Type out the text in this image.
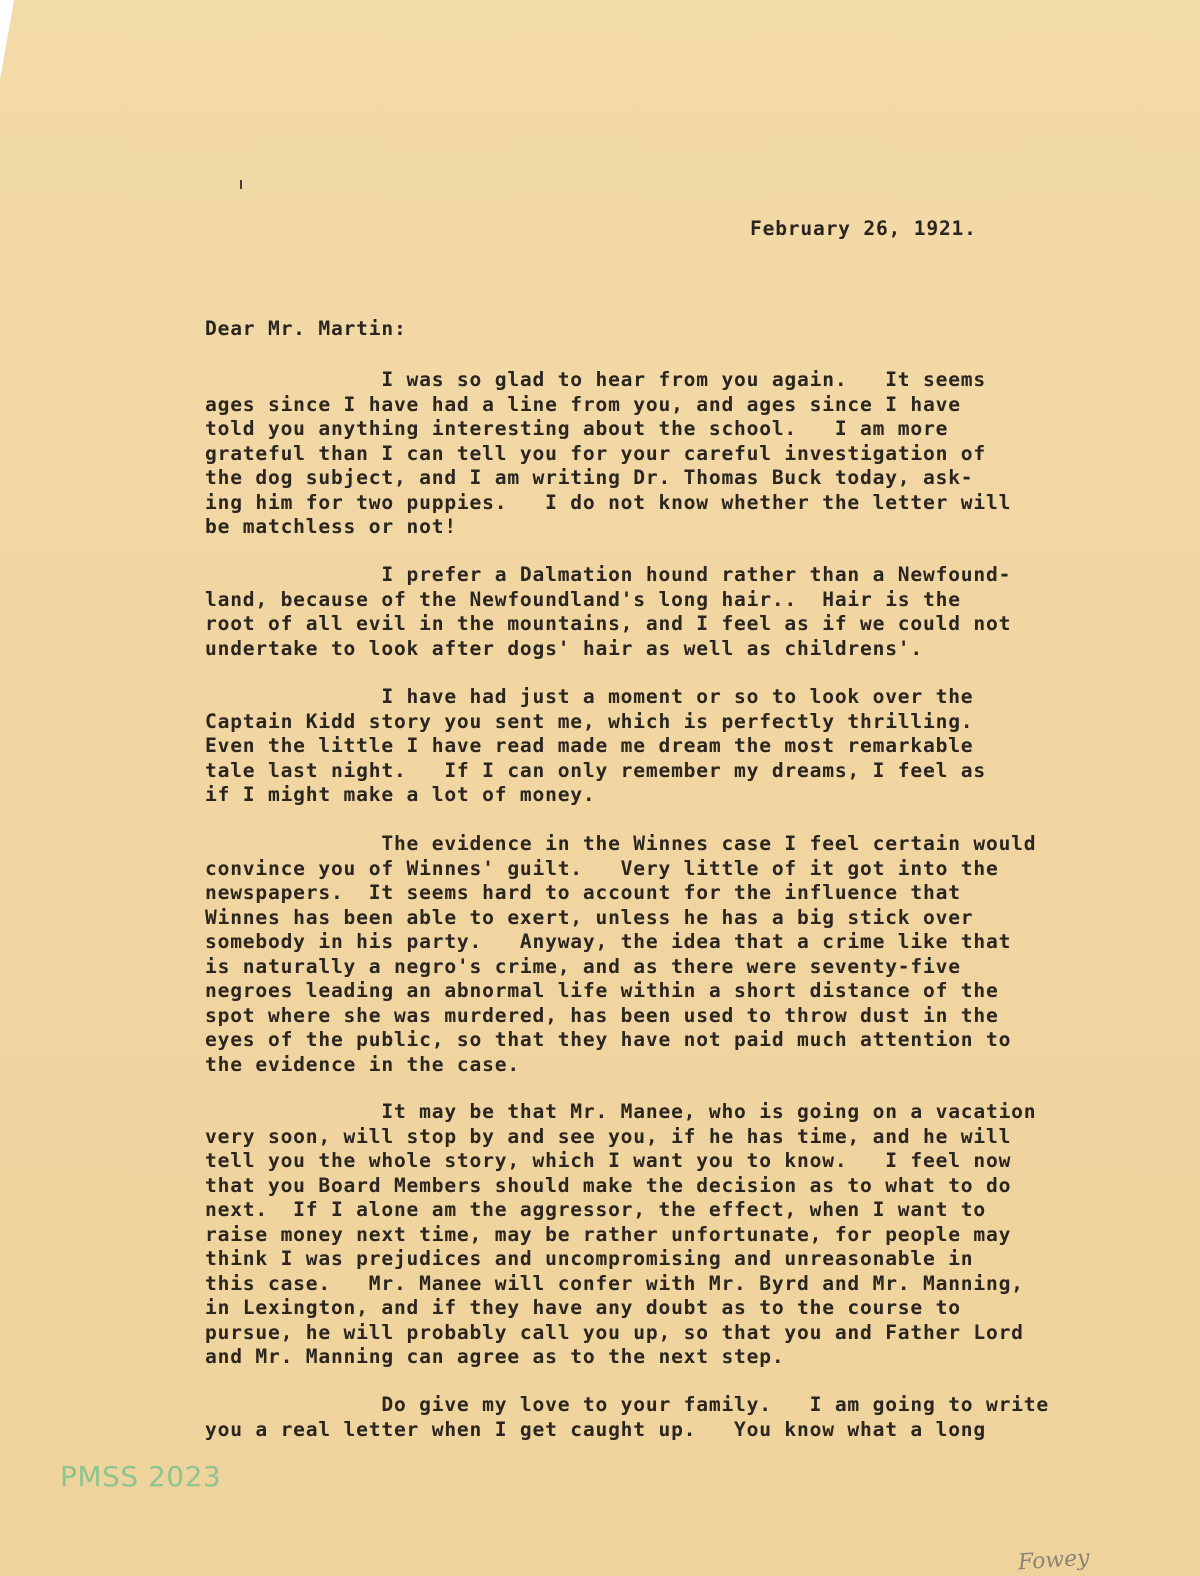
February 26, 1921.
Dear Mr. Martin:
I was so glad to hear from you again.   It seems
ages since I have had a line from you, and ages since I have
told you anything interesting about the school.   I am more
grateful than I can tell you for your careful investigation of
the dog subject, and I am writing Dr. Thomas Buck today, ask-
ing him for two puppies.   I do not know whether the letter will
be matchless or not!
I prefer a Dalmation hound rather than a Newfound-
land, because of the Newfoundland's long hair..  Hair is the
root of all evil in the mountains, and I feel as if we could not
undertake to look after dogs' hair as well as childrens'.
I have had just a moment or so to look over the
Captain Kidd story you sent me, which is perfectly thrilling.
Even the little I have read made me dream the most remarkable
tale last night.   If I can only remember my dreams, I feel as
if I might make a lot of money.
The evidence in the Winnes case I feel certain would
convince you of Winnes' guilt.   Very little of it got into the
newspapers.  It seems hard to account for the influence that
Winnes has been able to exert, unless he has a big stick over
somebody in his party.   Anyway, the idea that a crime like that
is naturally a negro's crime, and as there were seventy-five
negroes leading an abnormal life within a short distance of the
spot where she was murdered, has been used to throw dust in the
eyes of the public, so that they have not paid much attention to
the evidence in the case.
It may be that Mr. Manee, who is going on a vacation
very soon, will stop by and see you, if he has time, and he will
tell you the whole story, which I want you to know.   I feel now
that you Board Members should make the decision as to what to do
next.  If I alone am the aggressor, the effect, when I want to
raise money next time, may be rather unfortunate, for people may
think I was prejudices and uncompromising and unreasonable in
this case.   Mr. Manee will confer with Mr. Byrd and Mr. Manning,
in Lexington, and if they have any doubt as to the course to
pursue, he will probably call you up, so that you and Father Lord
and Mr. Manning can agree as to the next step.
Do give my love to your family.   I am going to write
you a real letter when I get caught up.   You know what a long
PMSS 2023
Fowey
